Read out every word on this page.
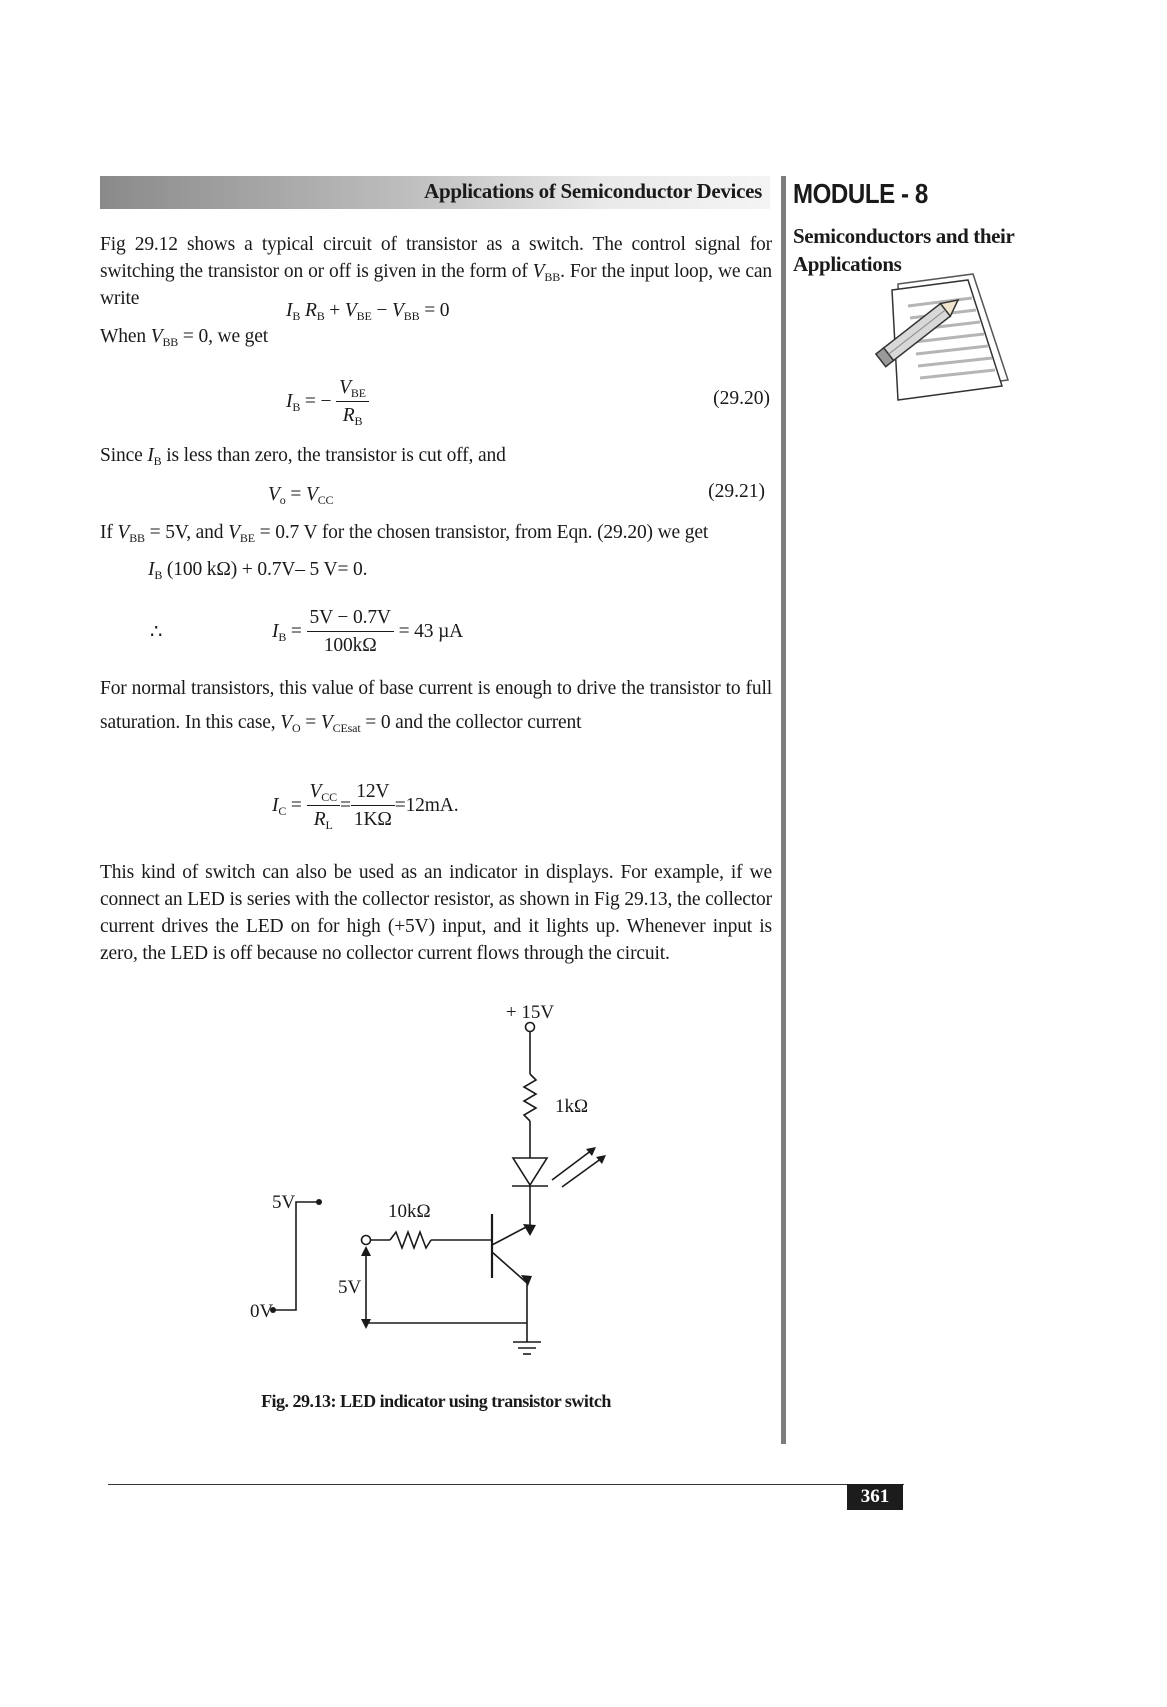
Applications of Semiconductor Devices MODULE - 8
Semiconductors and their Applications
Fig 29.12 shows a typical circuit of transistor as a switch. The control signal for switching the transistor on or off is given in the form of $V_{BB}$. For the input loop, we can write
$I_B$ $R_B + V_{BE} - V_{BB} = 0$
When $V_{BB} = 0$, we get
$I_B$ = − $\frac{V_{BE}}{R_B}$	(29.20)
Since $I_B$ is less than zero, the transistor is cut off, and
$V_o = V_{CC}$	(29.21)
If $V_{BB} = 5V$, and $V_{BE} = 0.7$ V for the chosen transistor, from Eqn. (29.20) we get
$I_B$ (100 kΩ) + 0.7V– 5 V= 0.
∴	$I_B = \frac{5V - 0.7V}{100k\Omega} = 43$ µA
For normal transistors, this value of base current is enough to drive the transistor to full saturation. In this case, $V_O = V_{CEsat} = 0$ and the collector current
$I_C = \frac{V_{CC}}{R_L} = \frac{12V}{1K\Omega} =12mA$.
This kind of switch can also be used as an indicator in displays. For example, if we connect an LED is series with the collector resistor, as shown in Fig 29.13, the collector current drives the LED on for high (+5V) input, and it lights up. Whenever input is zero, the LED is off because no collector current flows through the circuit.
+ 15V
1kΩ
10kΩ
5V
0V
5V
Fig. 29.13: LED indicator using transistor switch
361
